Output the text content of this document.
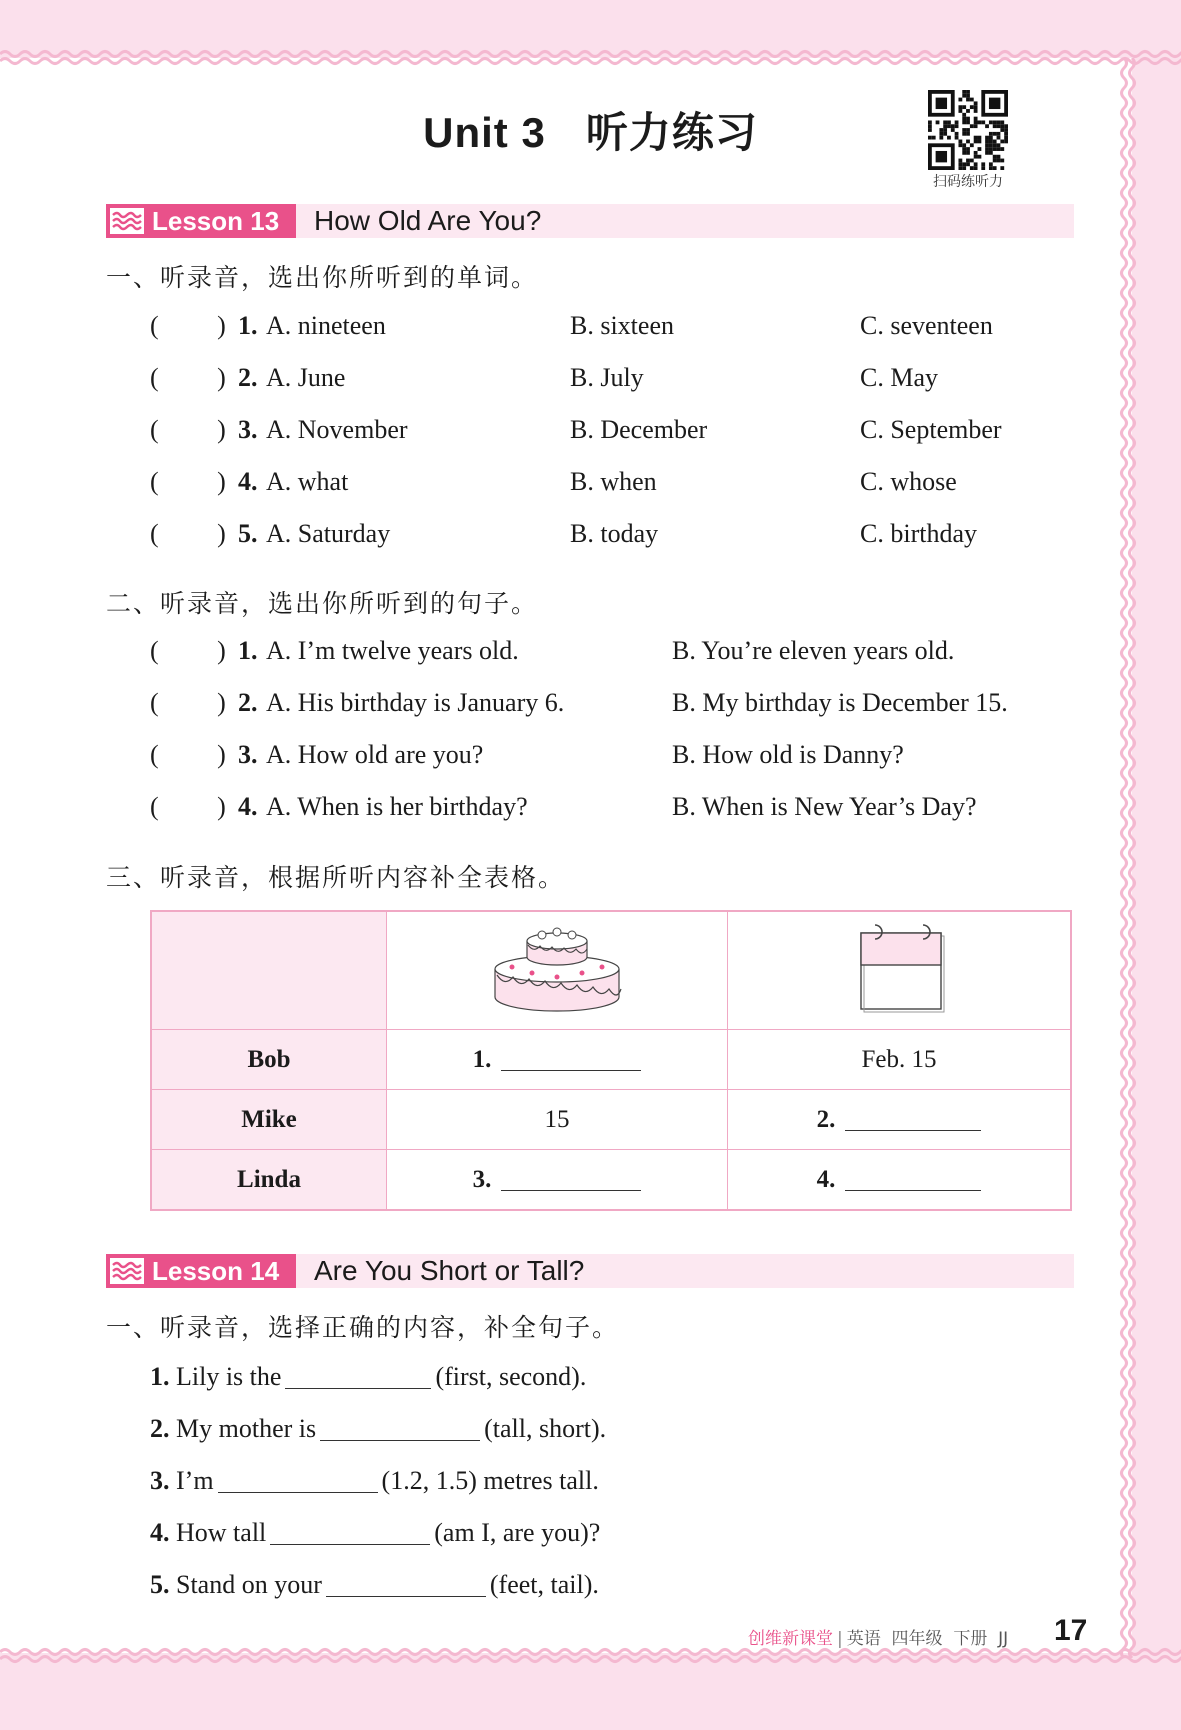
Unit 3 听力练习
扫码练听力
Lesson 13 How Old Are You?
一、听录音，选出你所听到的单词。
(         ) 1. A. nineteen	B. sixteen	C. seventeen
(         ) 2. A. June	B. July	C. May
(         ) 3. A. November	B. December	C. September
(         ) 4. A. what	B. when	C. whose
(         ) 5. A. Saturday	B. today	C. birthday
二、听录音，选出你所听到的句子。
(         ) 1. A. I’m twelve years old.	B. You’re eleven years old.
(         ) 2. A. His birthday is January 6.	B. My birthday is December 15.
(         ) 3. A. How old are you?	B. How old is Danny?
(         ) 4. A. When is her birthday?	B. When is New Year’s Day?
三、听录音，根据所听内容补全表格。

Bob	1.	Feb. 15
Mike	15	2.
Linda	3.	4.
Lesson 14 Are You Short or Tall?
一、听录音，选择正确的内容，补全句子。
1. Lily is the	(first, second).
2. My mother is	(tall, short).
3. I’m	(1.2, 1.5) metres tall.
4. How tall	(am I, are you)?
5. Stand on your	(feet, tail).
创维新课堂 | 英语 四年级 下册 JJ 17
